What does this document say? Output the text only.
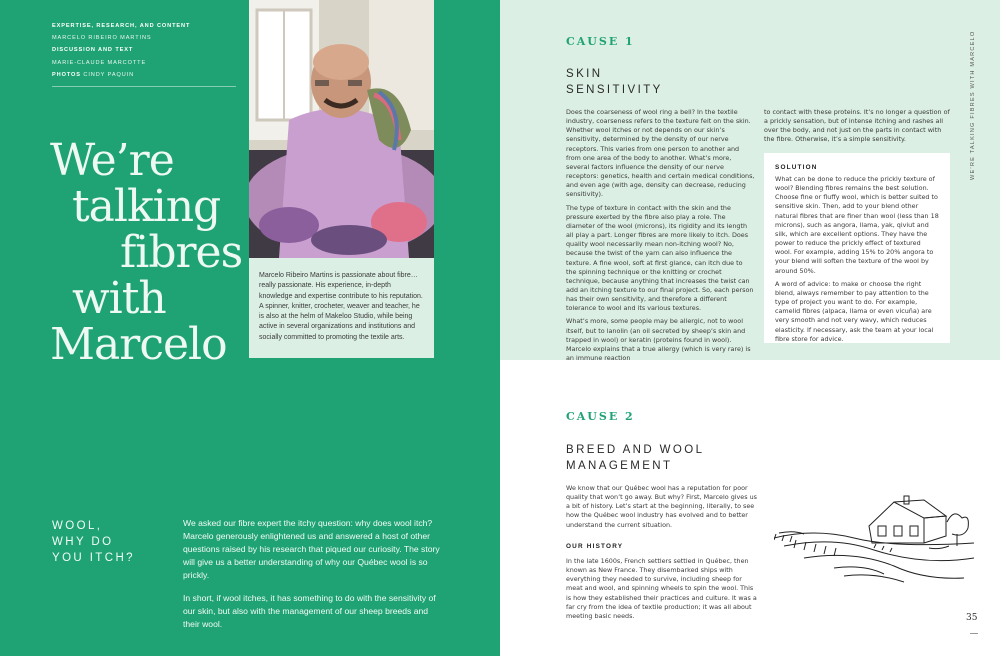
EXPERTISE, RESEARCH, AND CONTENT
MARCELO RIBEIRO MARTINS
DISCUSSION AND TEXT
MARIE-CLAUDE MARCOTTE
PHOTOS CINDY PAQUIN
We’re
talking
fibres
with
Marcelo
Marcelo Ribeiro Martins is passionate about fibre… really passionate. His experience, in-depth knowledge and expertise contribute to his reputation. A spinner, knitter, crocheter, weaver and teacher, he is also at the helm of Makeloo Studio, while being active in several organizations and institutions and socially committed to promoting the textile arts.
WOOL,
WHY DO
YOU ITCH?

We asked our fibre expert the itchy question: why does wool itch? Marcelo generously enlightened us and answered a host of other questions raised by his research that piqued our curiosity. The story will give us a better understanding of why our Québec wool is so prickly.

In short, if wool itches, it has something to do with the sensitivity of our skin, but also with the management of our sheep breeds and their wool.

WE’RE TALKING FIBRES WITH MARCELO
CAUSE 1
SKIN
SENSITIVITY

Does the coarseness of wool ring a bell? In the textile industry, coarseness refers to the texture felt on the skin. Whether wool itches or not depends on our skin’s sensitivity, determined by the density of our nerve receptors. This varies from one person to another and from one area of the body to another. What’s more, several factors influence the density of our nerve receptors: genetics, health and certain medical conditions, and even age (with age, density can decrease, reducing sensitivity).

The type of texture in contact with the skin and the pressure exerted by the fibre also play a role. The diameter of the wool (microns), its rigidity and its length all play a part. Longer fibres are more likely to itch. Does quality wool necessarily mean non-itching wool? No, because the twist of the yarn can also influence the texture. A fine wool, soft at first glance, can itch due to the spinning technique or the knitting or crochet technique, because anything that increases the twist can add an itching texture to our final project. So, each person has their own sensitivity, and therefore a different tolerance to wool and its various textures.

What’s more, some people may be allergic, not to wool itself, but to lanolin (an oil secreted by sheep’s skin and trapped in wool) or keratin (proteins found in wool). Marcelo explains that a true allergy (which is very rare) is an immune reaction

to contact with these proteins. It’s no longer a question of a prickly sensation, but of intense itching and rashes all over the body, and not just on the parts in contact with the fibre. Otherwise, it’s a simple sensitivity.

SOLUTION

What can be done to reduce the prickly texture of wool? Blending fibres remains the best solution. Choose fine or fluffy wool, which is better suited to sensitive skin. Then, add to your blend other natural fibres that are finer than wool (less than 18 microns), such as angora, llama, yak, qiviut and silk, which are excellent options. They have the power to reduce the prickly effect of textured wool. For example, adding 15% to 20% angora to your blend will soften the texture of the wool by around 50%.

A word of advice: to make or choose the right blend, always remember to pay attention to the type of project you want to do. For example, camelid fibres (alpaca, llama or even vicuña) are very smooth and not very wavy, which reduces elasticity. If necessary, ask the team at your local fibre store for advice.

CAUSE 2
BREED AND WOOL
MANAGEMENT

We know that our Québec wool has a reputation for poor quality that won’t go away. But why? First, Marcelo gives us a bit of history. Let’s start at the beginning, literally, to see how the Québec wool industry has evolved and to better understand the current situation.

OUR HISTORY

In the late 1600s, French settlers settled in Québec, then known as New France. They disembarked ships with everything they needed to survive, including sheep for meat and wool, and spinning wheels to spin the wool. This is how they established their practices and culture. It was a far cry from the idea of textile production; it was all about meeting basic needs.	35
